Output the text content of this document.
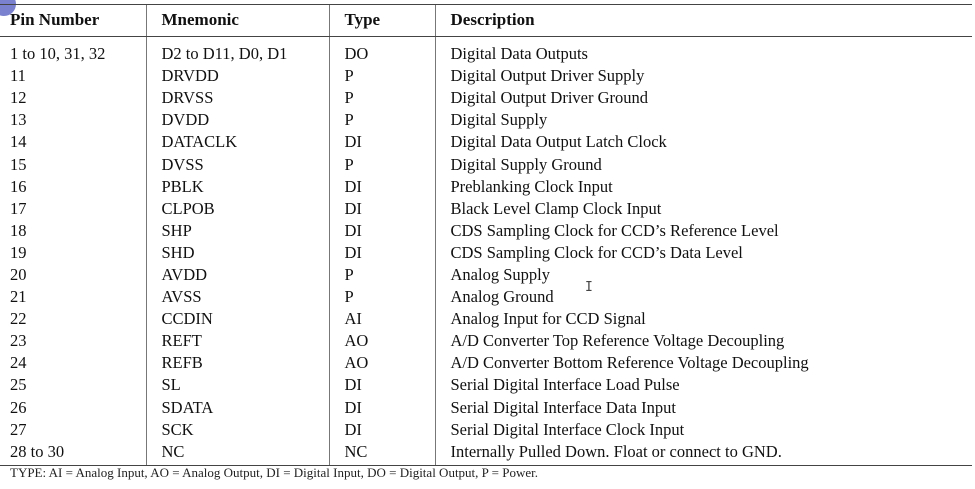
Pin Number	Mnemonic	Type	Description
1 to 10, 31, 32	D2 to D11, D0, D1	DO	Digital Data Outputs
11	DRVDD	P	Digital Output Driver Supply
12	DRVSS	P	Digital Output Driver Ground
13	DVDD	P	Digital Supply
14	DATACLK	DI	Digital Data Output Latch Clock
15	DVSS	P	Digital Supply Ground
16	PBLK	DI	Preblanking Clock Input
17	CLPOB	DI	Black Level Clamp Clock Input
18	SHP	DI	CDS Sampling Clock for CCD’s Reference Level
19	SHD	DI	CDS Sampling Clock for CCD’s Data Level
20	AVDD	P	Analog Supply
21	AVSS	P	Analog Ground
22	CCDIN	AI	Analog Input for CCD Signal
23	REFT	AO	A/D Converter Top Reference Voltage Decoupling
24	REFB	AO	A/D Converter Bottom Reference Voltage Decoupling
25	SL	DI	Serial Digital Interface Load Pulse
26	SDATA	DI	Serial Digital Interface Data Input
27	SCK	DI	Serial Digital Interface Clock Input
28 to 30	NC	NC	Internally Pulled Down. Float or connect to GND.
I
TYPE: AI = Analog Input, AO = Analog Output, DI = Digital Input, DO = Digital Output, P = Power.
